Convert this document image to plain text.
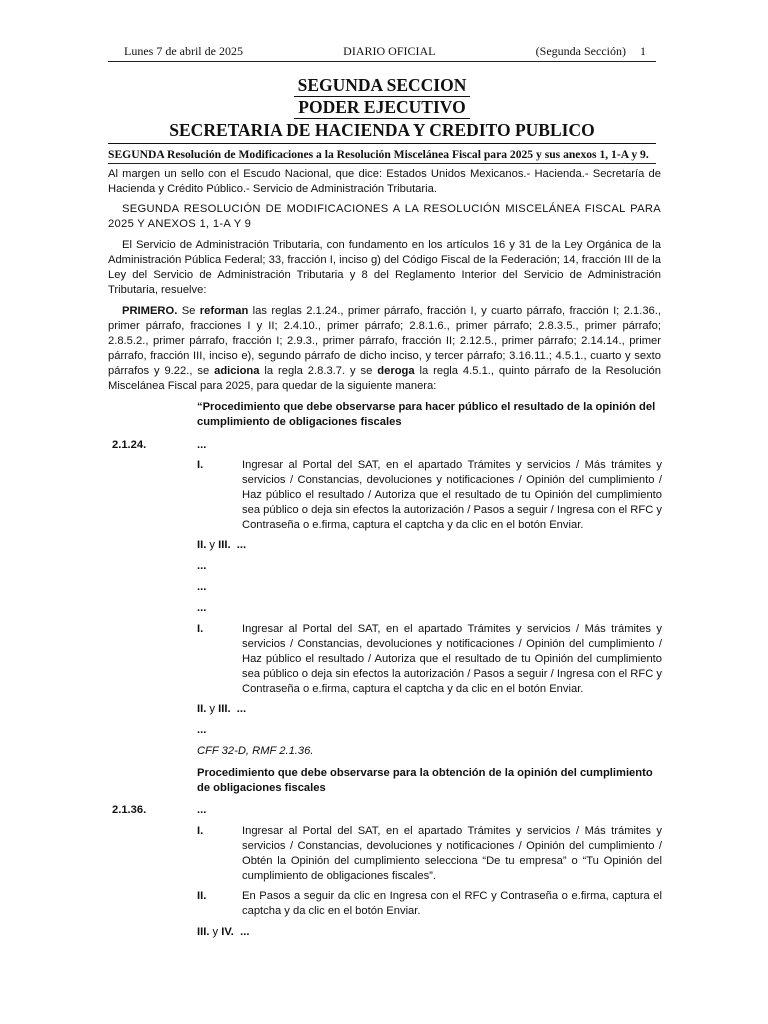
Lunes 7 de abril de 2025	DIARIO OFICIAL	(Segunda Sección) 1
SEGUNDA SECCION
PODER EJECUTIVO
SECRETARIA DE HACIENDA Y CREDITO PUBLICO
SEGUNDA Resolución de Modificaciones a la Resolución Miscelánea Fiscal para 2025 y sus anexos 1, 1-A y 9.
Al margen un sello con el Escudo Nacional, que dice: Estados Unidos Mexicanos.- Hacienda.- Secretaría de Hacienda y Crédito Público.- Servicio de Administración Tributaria.
SEGUNDA RESOLUCIÓN DE MODIFICACIONES A LA RESOLUCIÓN MISCELÁNEA FISCAL PARA 2025 Y ANEXOS 1, 1-A Y 9
El Servicio de Administración Tributaria, con fundamento en los artículos 16 y 31 de la Ley Orgánica de la Administración Pública Federal; 33, fracción I, inciso g) del Código Fiscal de la Federación; 14, fracción III de la Ley del Servicio de Administración Tributaria y 8 del Reglamento Interior del Servicio de Administración Tributaria, resuelve:
PRIMERO. Se reforman las reglas 2.1.24., primer párrafo, fracción I, y cuarto párrafo, fracción I; 2.1.36., primer párrafo, fracciones I y II; 2.4.10., primer párrafo; 2.8.1.6., primer párrafo; 2.8.3.5., primer párrafo; 2.8.5.2., primer párrafo, fracción I; 2.9.3., primer párrafo, fracción II; 2.12.5., primer párrafo; 2.14.14., primer párrafo, fracción III, inciso e), segundo párrafo de dicho inciso, y tercer párrafo; 3.16.11.; 4.5.1., cuarto y sexto párrafos y 9.22., se adiciona la regla 2.8.3.7. y se deroga la regla 4.5.1., quinto párrafo de la Resolución Miscelánea Fiscal para 2025, para quedar de la siguiente manera:
“Procedimiento que debe observarse para hacer público el resultado de la opinión del cumplimiento de obligaciones fiscales
2.1.24.	...
I.	Ingresar al Portal del SAT, en el apartado Trámites y servicios / Más trámites y servicios / Constancias, devoluciones y notificaciones / Opinión del cumplimiento / Haz público el resultado / Autoriza que el resultado de tu Opinión del cumplimiento sea público o deja sin efectos la autorización / Pasos a seguir / Ingresa con el RFC y Contraseña o e.firma, captura el captcha y da clic en el botón Enviar.
II. y III. ...
...
...
...
I.	Ingresar al Portal del SAT, en el apartado Trámites y servicios / Más trámites y servicios / Constancias, devoluciones y notificaciones / Opinión del cumplimiento / Haz público el resultado / Autoriza que el resultado de tu Opinión del cumplimiento sea público o deja sin efectos la autorización / Pasos a seguir / Ingresa con el RFC y Contraseña o e.firma, captura el captcha y da clic en el botón Enviar.
II. y III. ...
...
CFF 32-D, RMF 2.1.36.
Procedimiento que debe observarse para la obtención de la opinión del cumplimiento de obligaciones fiscales
2.1.36.	...
I.	Ingresar al Portal del SAT, en el apartado Trámites y servicios / Más trámites y servicios / Constancias, devoluciones y notificaciones / Opinión del cumplimiento / Obtén la Opinión del cumplimiento selecciona “De tu empresa” o “Tu Opinión del cumplimiento de obligaciones fiscales”.
II.	En Pasos a seguir da clic en Ingresa con el RFC y Contraseña o e.firma, captura el captcha y da clic en el botón Enviar.
III. y IV. ...
